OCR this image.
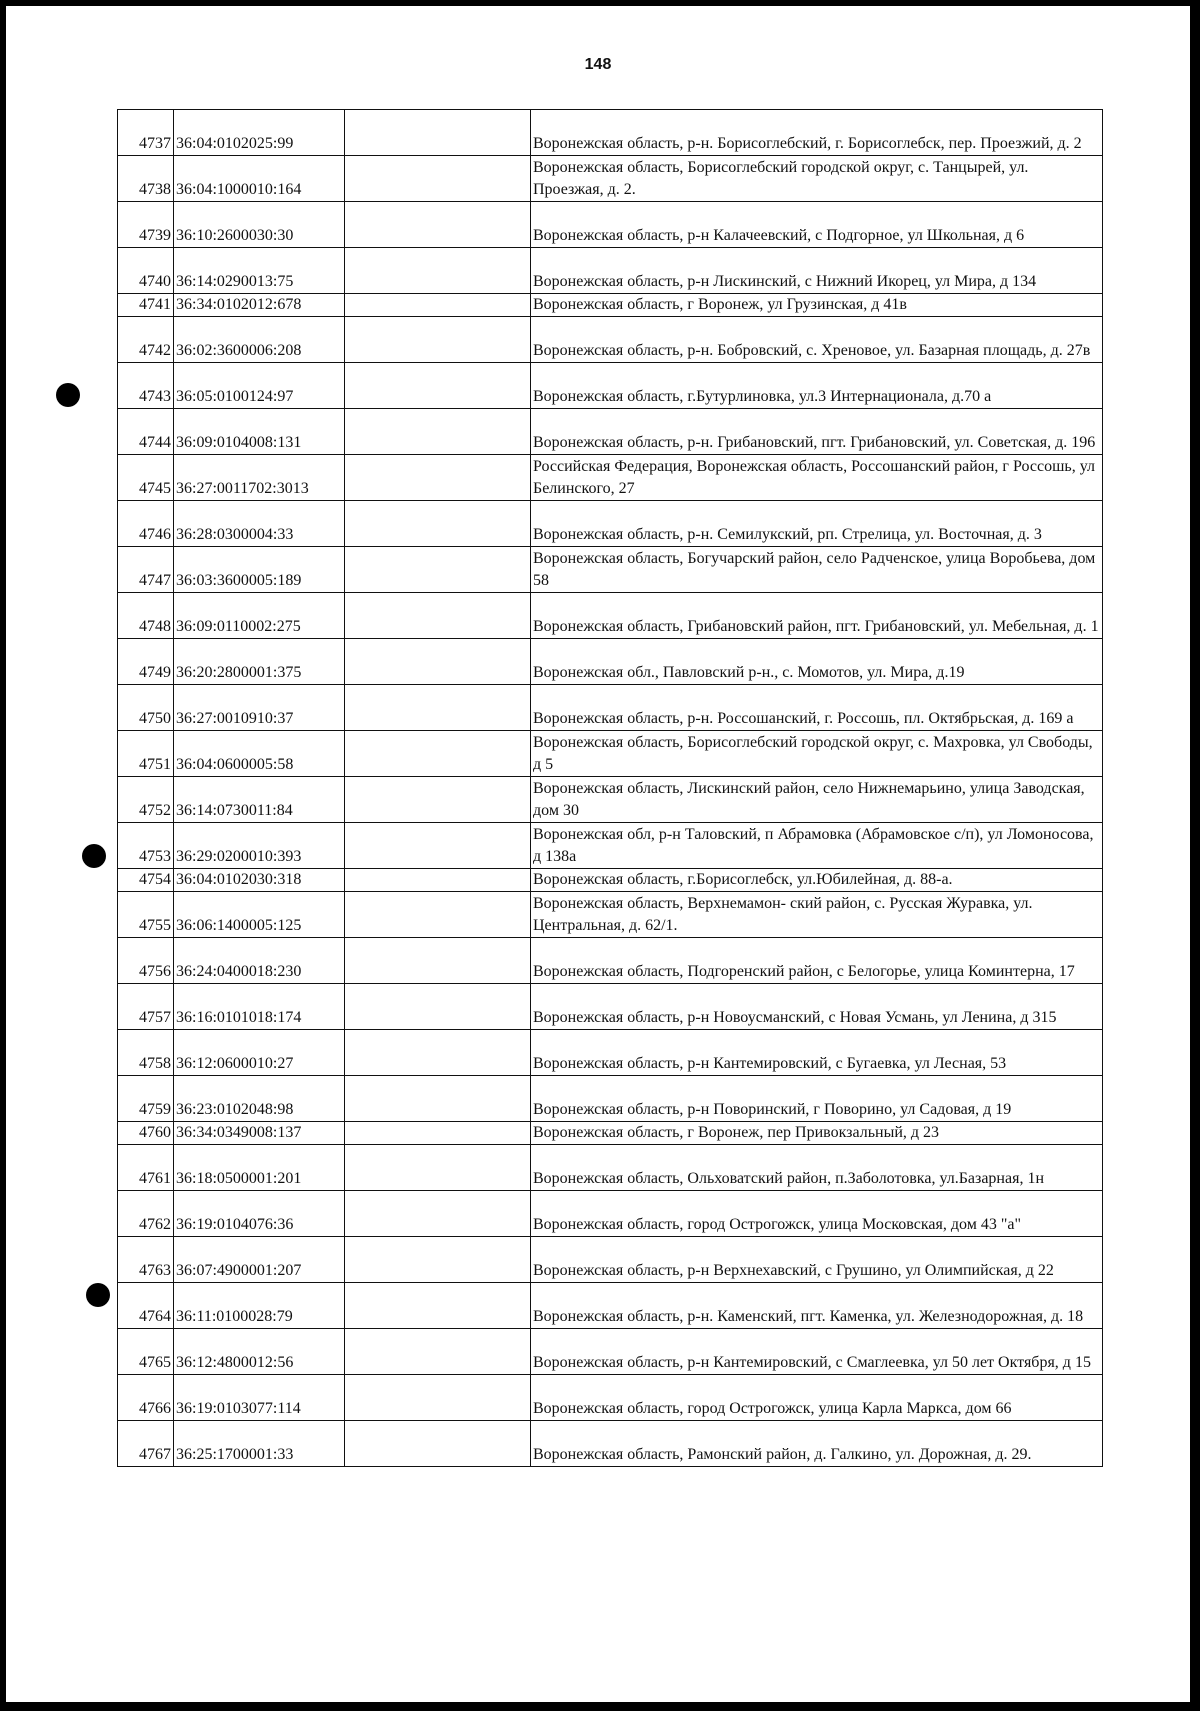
148
4737	36:04:0102025:99		Воронежская область, р-н. Борисоглебский, г. Борисоглебск, пер. Проезжий, д. 2
4738	36:04:1000010:164		Воронежская область, Борисоглебский городской округ, с. Танцырей, ул. Проезжая, д. 2.
4739	36:10:2600030:30		Воронежская область, р-н Калачеевский, с Подгорное, ул Школьная, д 6
4740	36:14:0290013:75		Воронежская область, р-н Лискинский, с Нижний Икорец, ул Мира, д 134
4741	36:34:0102012:678		Воронежская область, г Воронеж, ул Грузинская, д 41в
4742	36:02:3600006:208		Воронежская область, р-н. Бобровский, с. Хреновое, ул. Базарная площадь, д. 27в
4743	36:05:0100124:97		Воронежская область, г.Бутурлиновка, ул.3 Интернационала, д.70 а
4744	36:09:0104008:131		Воронежская область, р-н. Грибановский, пгт. Грибановский, ул. Советская, д. 196
4745	36:27:0011702:3013		Российская Федерация, Воронежская область, Россошанский район, г Россошь, ул Белинского, 27
4746	36:28:0300004:33		Воронежская область, р-н. Семилукский, рп. Стрелица, ул. Восточная, д. 3
4747	36:03:3600005:189		Воронежская область, Богучарский район, село Радченское, улица Воробьева, дом 58
4748	36:09:0110002:275		Воронежская область, Грибановский район, пгт. Грибановский, ул. Мебельная, д. 1
4749	36:20:2800001:375		Воронежская обл., Павловский р-н., с. Момотов, ул. Мира, д.19
4750	36:27:0010910:37		Воронежская область, р-н. Россошанский, г. Россошь, пл. Октябрьская, д. 169 а
4751	36:04:0600005:58		Воронежская область, Борисоглебский городской округ, с. Махровка, ул Свободы, д 5
4752	36:14:0730011:84		Воронежская область, Лискинский район, село Нижнемарьино, улица Заводская, дом 30
4753	36:29:0200010:393		Воронежская обл, р-н Таловский, п Абрамовка (Абрамовское с/п), ул Ломоносова, д 138а
4754	36:04:0102030:318		Воронежская область, г.Борисоглебск, ул.Юбилейная, д. 88-а.
4755	36:06:1400005:125		Воронежская область, Верхнемамон- ский район, с. Русская Журавка, ул. Центральная, д. 62/1.
4756	36:24:0400018:230		Воронежская область, Подгоренский район, с Белогорье, улица Коминтерна, 17
4757	36:16:0101018:174		Воронежская область, р-н Новоусманский, с Новая Усмань, ул Ленина, д 315
4758	36:12:0600010:27		Воронежская область, р-н Кантемировский, с Бугаевка, ул Лесная, 53
4759	36:23:0102048:98		Воронежская область, р-н Поворинский, г Поворино, ул Садовая, д 19
4760	36:34:0349008:137		Воронежская область, г Воронеж, пер Привокзальный, д 23
4761	36:18:0500001:201		Воронежская область, Ольховатский район, п.Заболотовка, ул.Базарная, 1н
4762	36:19:0104076:36		Воронежская область, город Острогожск, улица Московская, дом 43 "а"
4763	36:07:4900001:207		Воронежская область, р-н Верхнехавский, с Грушино, ул Олимпийская, д 22
4764	36:11:0100028:79		Воронежская область, р-н. Каменский, пгт. Каменка, ул. Железнодорожная, д. 18
4765	36:12:4800012:56		Воронежская область, р-н Кантемировский, с Смаглеевка, ул 50 лет Октября, д 15
4766	36:19:0103077:114		Воронежская область, город Острогожск, улица Карла Маркса, дом 66
4767	36:25:1700001:33		Воронежская область, Рамонский район, д. Галкино, ул. Дорожная, д. 29.
